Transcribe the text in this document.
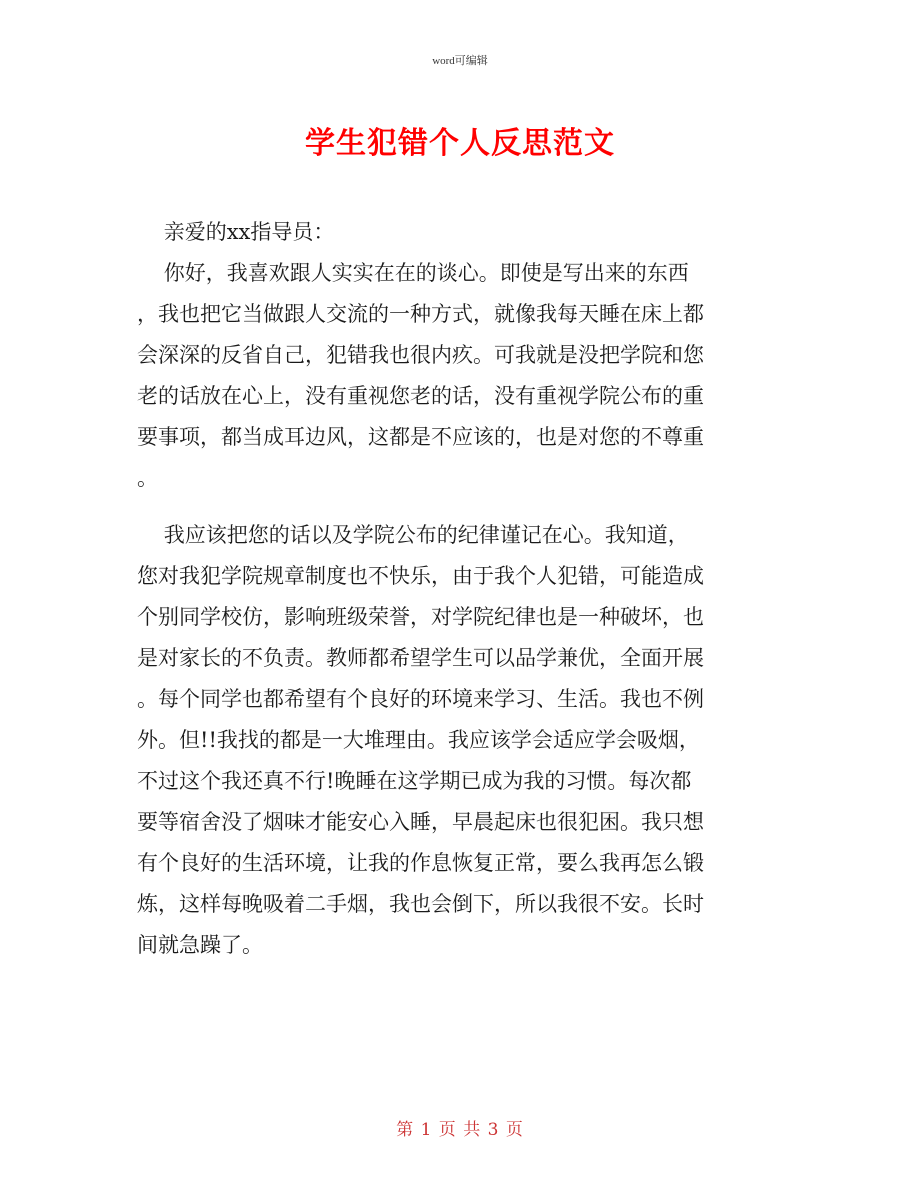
word可编辑
学生犯错个人反思范文
亲爱的xx指导员：
你好，我喜欢跟人实实在在的谈心。即使是写出来的东西
，我也把它当做跟人交流的一种方式，就像我每天睡在床上都
会深深的反省自己，犯错我也很内疚。可我就是没把学院和您
老的话放在心上，没有重视您老的话，没有重视学院公布的重
要事项，都当成耳边风，这都是不应该的，也是对您的不尊重
。
我应该把您的话以及学院公布的纪律谨记在心。我知道，
您对我犯学院规章制度也不快乐，由于我个人犯错，可能造成
个别同学校仿，影响班级荣誉，对学院纪律也是一种破坏，也
是对家长的不负责。教师都希望学生可以品学兼优，全面开展
。每个同学也都希望有个良好的环境来学习、生活。我也不例
外。但!!我找的都是一大堆理由。我应该学会适应学会吸烟，
不过这个我还真不行!晚睡在这学期已成为我的习惯。每次都
要等宿舍没了烟味才能安心入睡，早晨起床也很犯困。我只想
有个良好的生活环境，让我的作息恢复正常，要么我再怎么锻
炼，这样每晚吸着二手烟，我也会倒下，所以我很不安。长时
间就急躁了。
第 1 页 共 3 页
